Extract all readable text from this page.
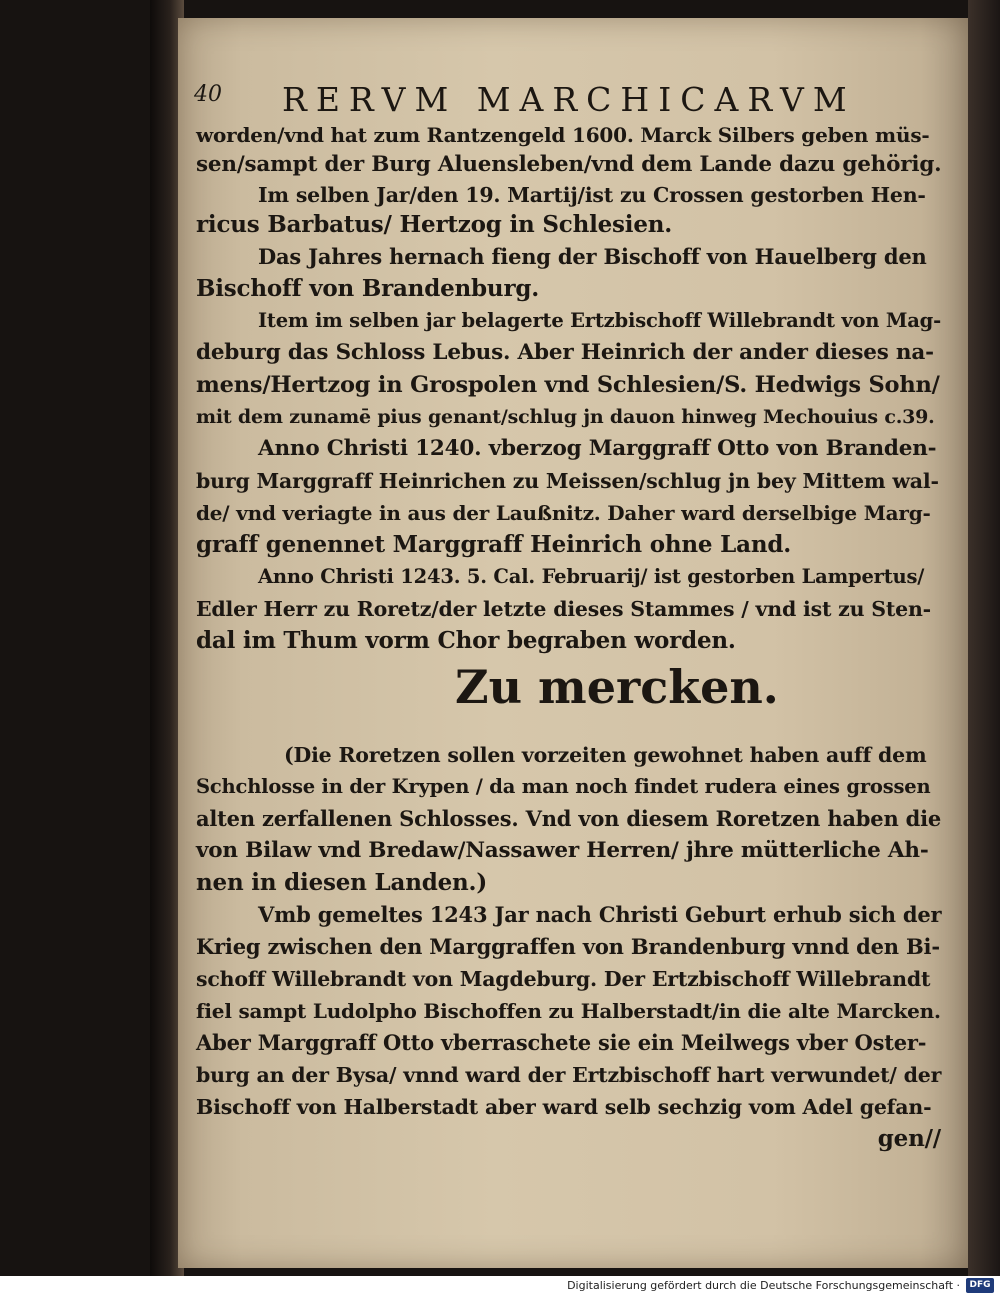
40 RERVM MARCHICARVM
worden/vnd hat zum Rantzengeld 1600. Marck Silbers geben müs-
sen/sampt der Burg Aluensleben/vnd dem Lande dazu gehörig.
Im selben Jar/den 19. Martij/ist zu Crossen gestorben Hen-
ricus Barbatus/ Hertzog in Schlesien.
Das Jahres hernach fieng der Bischoff von Hauelberg den
Bischoff von Brandenburg.
Item im selben jar belagerte Ertzbischoff Willebrandt von Mag-
deburg das Schloss Lebus. Aber Heinrich der ander dieses na-
mens/Hertzog in Grospolen vnd Schlesien/S. Hedwigs Sohn/
mit dem zunamē pius genant/schlug jn dauon hinweg Mechouius c.39.
Anno Christi 1240. vberzog Marggraff Otto von Branden-
burg Marggraff Heinrichen zu Meissen/schlug jn bey Mittem wal-
de/ vnd veriagte in aus der Laußnitz. Daher ward derselbige Marg-
graff genennet Marggraff Heinrich ohne Land.
Anno Christi 1243. 5. Cal. Februarij/ ist gestorben Lampertus/
Edler Herr zu Roretz/der letzte dieses Stammes / vnd ist zu Sten-
dal im Thum vorm Chor begraben worden.
(Die Roretzen sollen vorzeiten gewohnet haben auff dem
Schchlosse in der Krypen / da man noch findet rudera eines grossen
alten zerfallenen Schlosses. Vnd von diesem Roretzen haben die
von Bilaw vnd Bredaw/Nassawer Herren/ jhre mütterliche Ah-
nen in diesen Landen.)
Vmb gemeltes 1243 Jar nach Christi Geburt erhub sich der
Krieg zwischen den Marggraffen von Brandenburg vnnd den Bi-
schoff Willebrandt von Magdeburg. Der Ertzbischoff Willebrandt
fiel sampt Ludolpho Bischoffen zu Halberstadt/in die alte Marcken.
Aber Marggraff Otto vberraschete sie ein Meilwegs vber Oster-
burg an der Bysa/ vnnd ward der Ertzbischoff hart verwundet/ der
Bischoff von Halberstadt aber ward selb sechzig vom Adel gefan-
gen//
Zu mercken.
Digitalisierung gefördert durch die Deutsche Forschungsgemeinschaft ·	DFG
